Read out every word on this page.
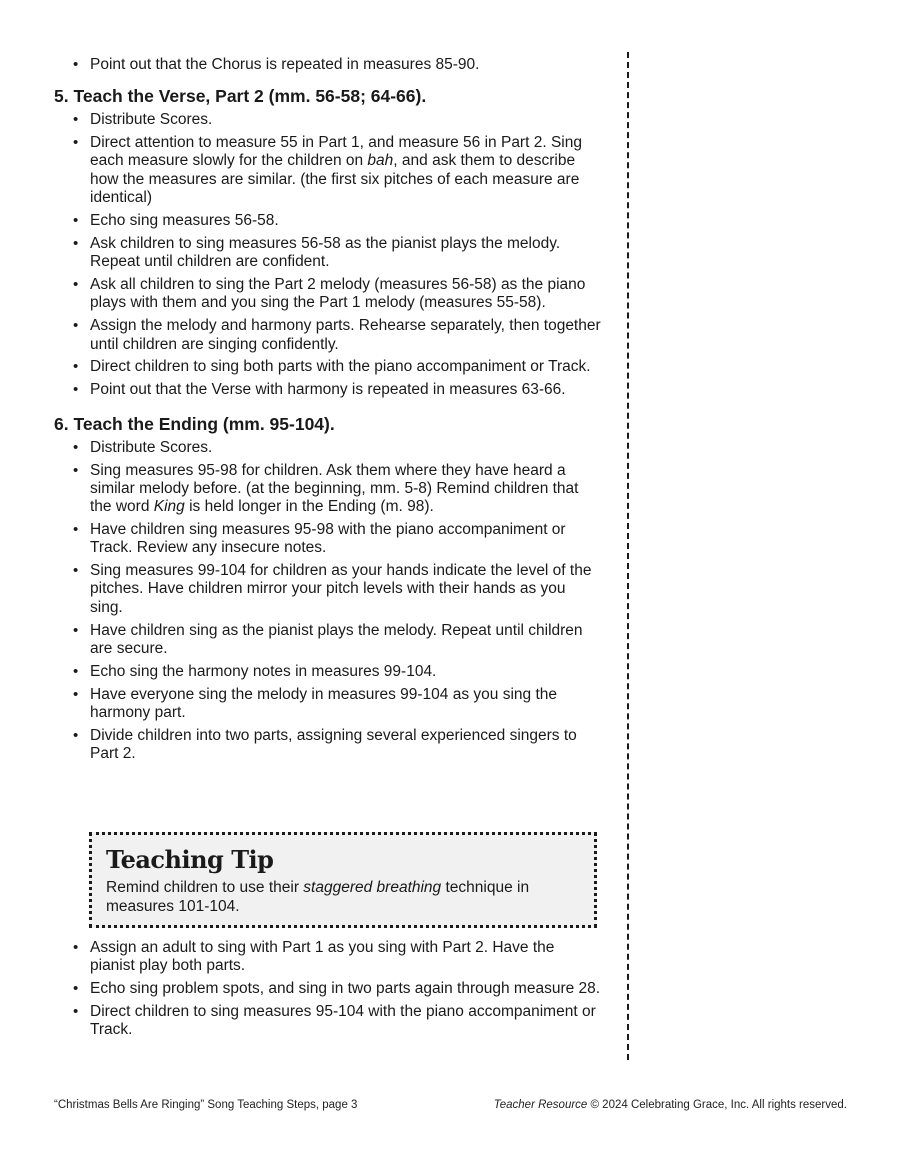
• Point out that the Chorus is repeated in measures 85-90.
5. Teach the Verse, Part 2 (mm. 56-58; 64-66).
• Distribute Scores.
• Direct attention to measure 55 in Part 1, and measure 56 in Part 2. Sing each measure slowly for the children on bah, and ask them to describe how the measures are similar. (the first six pitches of each measure are identical)
• Echo sing measures 56-58.
• Ask children to sing measures 56-58 as the pianist plays the melody. Repeat until children are confident.
• Ask all children to sing the Part 2 melody (measures 56-58) as the piano plays with them and you sing the Part 1 melody (measures 55-58).
• Assign the melody and harmony parts. Rehearse separately, then together until children are singing confidently.
• Direct children to sing both parts with the piano accompaniment or Track.
• Point out that the Verse with harmony is repeated in measures 63-66.
6. Teach the Ending (mm. 95-104).
• Distribute Scores.
• Sing measures 95-98 for children. Ask them where they have heard a similar melody before. (at the beginning, mm. 5-8) Remind children that the word King is held longer in the Ending (m. 98).
• Have children sing measures 95-98 with the piano accompaniment or Track. Review any insecure notes.
• Sing measures 99-104 for children as your hands indicate the level of the pitches. Have children mirror your pitch levels with their hands as you sing.
• Have children sing as the pianist plays the melody. Repeat until children are secure.
• Echo sing the harmony notes in measures 99-104.
• Have everyone sing the melody in measures 99-104 as you sing the harmony part.
• Divide children into two parts, assigning several experienced singers to Part 2.

Teaching Tip

Remind children to use their staggered breathing technique in measures 101-104.

• Assign an adult to sing with Part 1 as you sing with Part 2. Have the pianist play both parts.
• Echo sing problem spots, and sing in two parts again through measure 28.
• Direct children to sing measures 95-104 with the piano accompaniment or Track.
“Christmas Bells Are Ringing” Song Teaching Steps, page 3	Teacher Resource © 2024 Celebrating Grace, Inc. All rights reserved.
